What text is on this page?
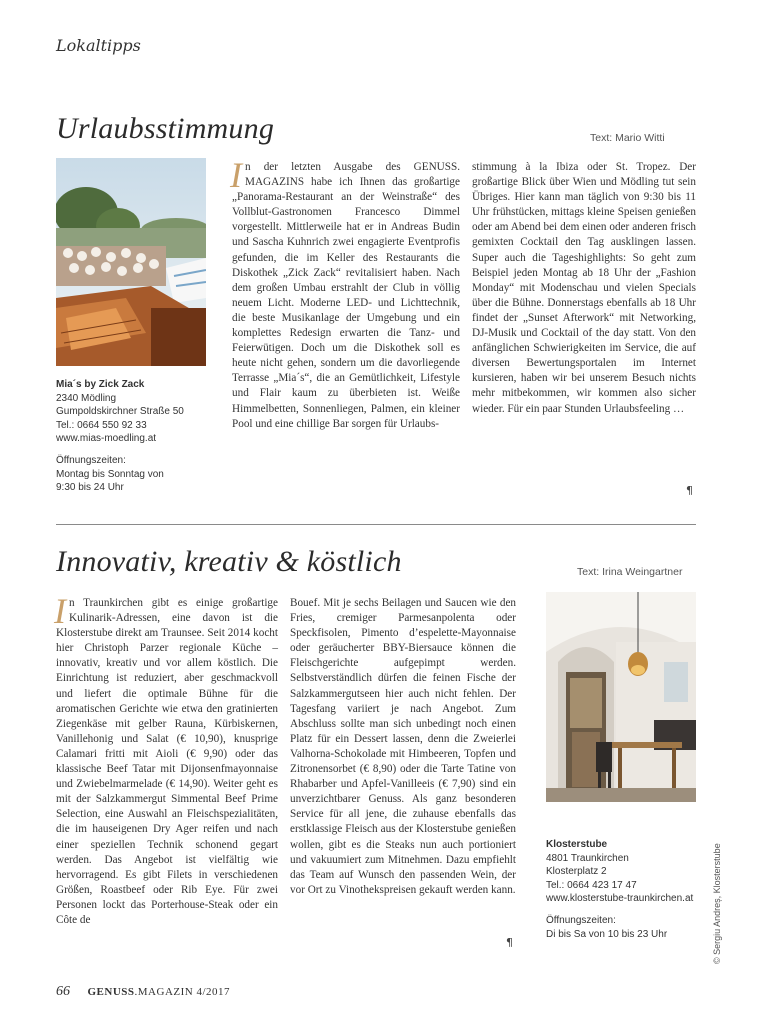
Lokaltipps
Urlaubsstimmung	Text: Mario Witti
Mia´s by Zick Zack
2340 Mödling
Gumpoldskirchner Straße 50
Tel.: 0664 550 92 33
www.mias-moedling.at
Öffnungszeiten:
Montag bis Sonntag von
9:30 bis 24 Uhr
I n der letzten Ausgabe des GENUSS. MAGAZINS habe ich Ihnen das großartige „Panorama-Restaurant an der Weinstraße“ des Vollblut-Gastronomen Francesco Dimmel vorgestellt. Mittlerweile hat er in Andreas Budin und Sascha Kuhnrich zwei engagierte Eventprofis gefunden, die im Keller des Restaurants die Diskothek „Zick Zack“ revitalisiert haben. Nach dem großen Umbau erstrahlt der Club in völlig neuem Licht. Moderne LED- und Lichttechnik, die beste Musikanlage der Umgebung und ein komplettes Redesign erwarten die Tanz- und Feierwütigen. Doch um die Diskothek soll es heute nicht gehen, sondern um die davorliegende Terrasse „Mia´s“, die an Gemütlichkeit, Lifestyle und Flair kaum zu überbieten ist. Weiße Himmelbetten, Sonnenliegen, Palmen, ein kleiner Pool und eine chillige Bar sorgen für Urlaubs-

stimmung à la Ibiza oder St. Tropez. Der großartige Blick über Wien und Mödling tut sein Übriges. Hier kann man täglich von 9:30 bis 11 Uhr frühstücken, mittags kleine Speisen genießen oder am Abend bei dem einen oder anderen frisch gemixten Cocktail den Tag ausklingen lassen. Super auch die Tageshighlights: So geht zum Beispiel jeden Montag ab 18 Uhr der „Fashion Monday“ mit Modenschau und vielen Specials über die Bühne. Donnerstags ebenfalls ab 18 Uhr findet der „Sunset Afterwork“ mit Networking, DJ-Musik und Cocktail of the day statt. Von den anfänglichen Schwierigkeiten im Service, die auf diversen Bewertungsportalen im Internet kursieren, haben wir bei unserem Besuch nichts mehr mitbekommen, wir kommen also sicher wieder. Für ein paar Stunden Urlaubsfeeling …

¶
Innovativ, kreativ & köstlich	Text: Irina Weingartner
I n Traunkirchen gibt es einige großartige Kulinarik-Adressen, eine davon ist die Klosterstube direkt am Traunsee. Seit 2014 kocht hier Christoph Parzer regionale Küche – innovativ, kreativ und vor allem köstlich. Die Einrichtung ist reduziert, aber geschmackvoll und liefert die optimale Bühne für die aromatischen Gerichte wie etwa den gratinierten Ziegenkäse mit gelber Rauna, Kürbiskernen, Vanillehonig und Salat (€ 10,90), knusprige Calamari fritti mit Aioli (€ 9,90) oder das klassische Beef Tatar mit Dijonsenfmayonnaise und Zwiebelmarmelade (€ 14,90). Weiter geht es mit der Salzkammergut Simmental Beef Prime Selection, eine Auswahl an Fleischspezialitäten, die im hauseigenen Dry Ager reifen und nach einer speziellen Technik schonend gegart werden. Das Angebot ist vielfältig wie hervorragend. Es gibt Filets in verschiedenen Größen, Roastbeef oder Rib Eye. Für zwei Personen lockt das Porterhouse-Steak oder ein Côte de

Bouef. Mit je sechs Beilagen und Saucen wie den Fries, cremiger Parmesanpolenta oder Speckfisolen, Pimento d’espelette-Mayonnaise oder geräucherter BBY-Biersauce können die Fleischgerichte aufgepimpt werden. Selbstverständlich dürfen die feinen Fische der Salzkammergutseen hier auch nicht fehlen. Der Tagesfang variiert je nach Angebot. Zum Abschluss sollte man sich unbedingt noch einen Platz für ein Dessert lassen, denn die Zweierlei Valhorna-Schokolade mit Himbeeren, Topfen und Zitronensorbet (€ 8,90) oder die Tarte Tatine von Rhabarber und Apfel-Vanilleeis (€ 7,90) sind ein unverzichtbarer Genuss. Als ganz besonderen Service für all jene, die zuhause ebenfalls das erstklassige Fleisch aus der Klosterstube genießen wollen, gibt es die Steaks nun auch portioniert und vakuumiert zum Mitnehmen. Dazu empfiehlt das Team auf Wunsch den passenden Wein, der vor Ort zu Vinothekspreisen gekauft werden kann.

¶
Klosterstube
4801 Traunkirchen
Klosterplatz 2
Tel.: 0664 423 17 47
www.klosterstube-traunkirchen.at
Öffnungszeiten:
Di bis Sa von 10 bis 23 Uhr	© Sergiu Andreș, Klosterstube
66 GENUSS.MAGAZIN 4/2017
